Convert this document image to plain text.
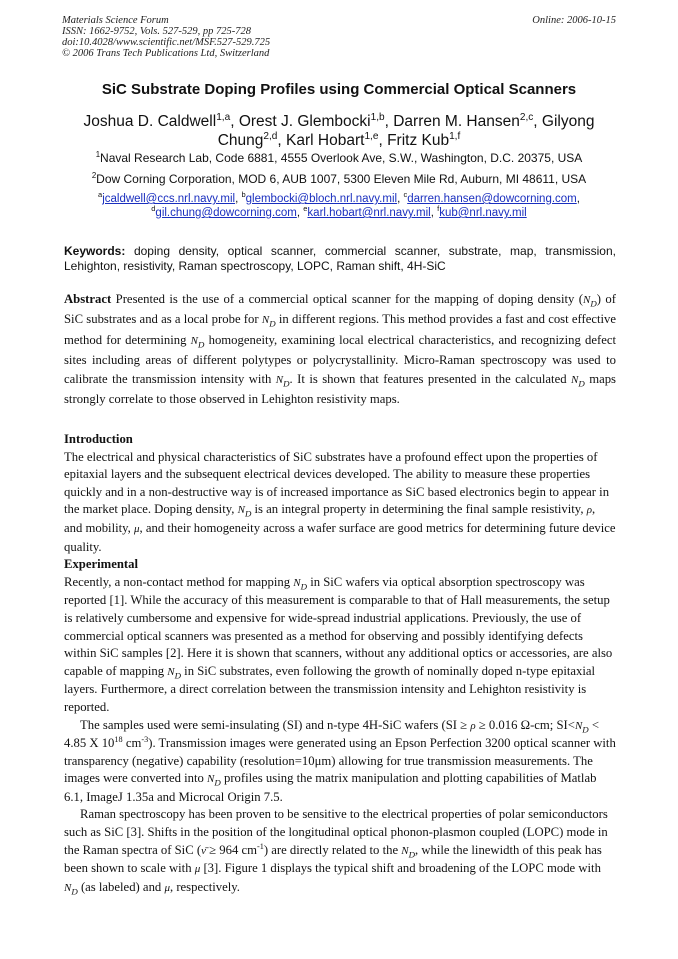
Materials Science Forum
ISSN: 1662-9752, Vols. 527-529, pp 725-728
doi:10.4028/www.scientific.net/MSF.527-529.725
© 2006 Trans Tech Publications Ltd, Switzerland
Online: 2006-10-15
SiC Substrate Doping Profiles using Commercial Optical Scanners
Joshua D. Caldwell$^{1,a}$, Orest J. Glembocki$^{1,b}$, Darren M. Hansen$^{2,c}$, Gilyong Chung$^{2,d}$, Karl Hobart$^{1,e}$, Fritz Kub$^{1,f}$
$^1$Naval Research Lab, Code 6881, 4555 Overlook Ave, S.W., Washington, D.C. 20375, USA
$^2$Dow Corning Corporation, MOD 6, AUB 1007, 5300 Eleven Mile Rd, Auburn, MI 48611, USA
$^a$jcaldwell@ccs.nrl.navy.mil, $^b$glembocki@bloch.nrl.navy.mil, $^c$darren.hansen@dowcorning.com,
$^d$gil.chung@dowcorning.com, $^e$karl.hobart@nrl.navy.mil, $^f$kub@nrl.navy.mil
Keywords: doping density, optical scanner, commercial scanner, substrate, map, transmission, Lehighton, resistivity, Raman spectroscopy, LOPC, Raman shift, 4H-SiC
Abstract Presented is the use of a commercial optical scanner for the mapping of doping density $(N_D)$ of SiC substrates and as a local probe for $N_D$ in different regions. This method provides a fast and cost effective method for determining $N_D$ homogeneity, examining local electrical characteristics, and recognizing defect sites including areas of different polytypes or polycrystallinity. Micro-Raman spectroscopy was used to calibrate the transmission intensity with $N_D$. It is shown that features presented in the calculated $N_D$ maps strongly correlate to those observed in Lehighton resistivity maps.
Introduction
The electrical and physical characteristics of SiC substrates have a profound effect upon the properties of epitaxial layers and the subsequent electrical devices developed. The ability to measure these properties quickly and in a non-destructive way is of increased importance as SiC based electronics begin to appear in the market place. Doping density, $N_D$ is an integral property in determining the final sample resistivity, ρ, and mobility, μ, and their homogeneity across a wafer surface are good metrics for determining future device quality.
Experimental
Recently, a non-contact method for mapping $N_D$ in SiC wafers via optical absorption spectroscopy was reported [1]. While the accuracy of this measurement is comparable to that of Hall measurements, the setup is relatively cumbersome and expensive for wide-spread industrial applications. Previously, the use of commercial optical scanners was presented as a method for observing and possibly identifying defects within SiC samples [2]. Here it is shown that scanners, without any additional optics or accessories, are also capable of mapping $N_D$ in SiC substrates, even following the growth of nominally doped n-type epitaxial layers. Furthermore, a direct correlation between the transmission intensity and Lehighton resistivity is reported.
The samples used were semi-insulating (SI) and n-type 4H-SiC wafers (SI ≥ ρ ≥ 0.016 Ω-cm; $SI<N_D < 4.85$ X $10^{18}$ $cm^{-3}$). Transmission images were generated using an Epson Perfection 3200 optical scanner with transparency (negative) capability (resolution=10μm) allowing for true transmission measurements. The images were converted into $N_D$ profiles using the matrix manipulation and plotting capabilities of Matlab 6.1, ImageJ 1.35a and Microcal Origin 7.5.
Raman spectroscopy has been proven to be sensitive to the electrical properties of polar semiconductors such as SiC [3]. Shifts in the position of the longitudinal optical phonon-plasmon coupled (LOPC) mode in the Raman spectra of SiC (ν̄ ≥ 964 $cm^{-1}$) are directly related to the $N_D$, while the linewidth of this peak has been shown to scale with μ [3]. Figure 1 displays the typical shift and broadening of the LOPC mode with $N_D$ (as labeled) and μ, respectively.
